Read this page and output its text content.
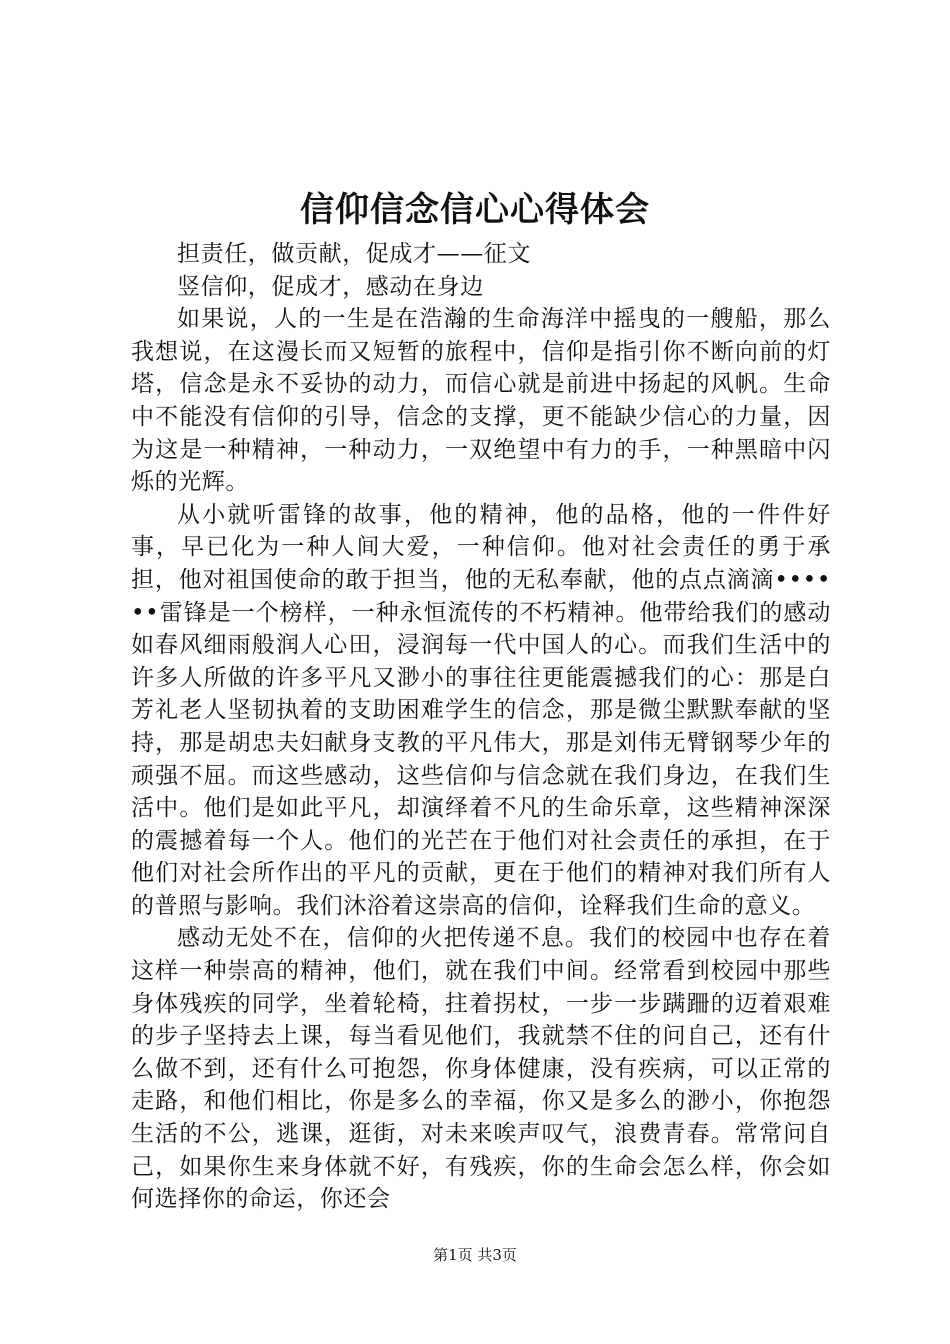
信仰信念信心心得体会

担责任，做贡献，促成才——征文

竖信仰，促成才，感动在身边

如果说，人的一生是在浩瀚的生命海洋中摇曳的一艘船，那么我想说，在这漫长而又短暂的旅程中，信仰是指引你不断向前的灯塔，信念是永不妥协的动力，而信心就是前进中扬起的风帆。生命中不能没有信仰的引导，信念的支撑，更不能缺少信心的力量，因为这是一种精神，一种动力，一双绝望中有力的手，一种黑暗中闪烁的光辉。

从小就听雷锋的故事，他的精神，他的品格，他的一件件好事，早已化为一种人间大爱，一种信仰。他对社会责任的勇于承担，他对祖国使命的敢于担当，他的无私奉献，他的点点滴滴••••••雷锋是一个榜样，一种永恒流传的不朽精神。他带给我们的感动如春风细雨般润人心田，浸润每一代中国人的心。而我们生活中的许多人所做的许多平凡又渺小的事往往更能震撼我们的心：那是白芳礼老人坚韧执着的支助困难学生的信念，那是微尘默默奉献的坚持，那是胡忠夫妇献身支教的平凡伟大，那是刘伟无臂钢琴少年的顽强不屈。而这些感动，这些信仰与信念就在我们身边，在我们生活中。他们是如此平凡，却演绎着不凡的生命乐章，这些精神深深的震撼着每一个人。他们的光芒在于他们对社会责任的承担，在于他们对社会所作出的平凡的贡献，更在于他们的精神对我们所有人的普照与影响。我们沐浴着这崇高的信仰，诠释我们生命的意义。

感动无处不在，信仰的火把传递不息。我们的校园中也存在着这样一种崇高的精神，他们，就在我们中间。经常看到校园中那些身体残疾的同学，坐着轮椅，拄着拐杖，一步一步蹒跚的迈着艰难的步子坚持去上课，每当看见他们，我就禁不住的问自己，还有什么做不到，还有什么可抱怨，你身体健康，没有疾病，可以正常的走路，和他们相比，你是多么的幸福，你又是多么的渺小，你抱怨生活的不公，逃课，逛街，对未来唉声叹气，浪费青春。常常问自己，如果你生来身体就不好，有残疾，你的生命会怎么样，你会如何选择你的命运，你还会

第1页 共3页
